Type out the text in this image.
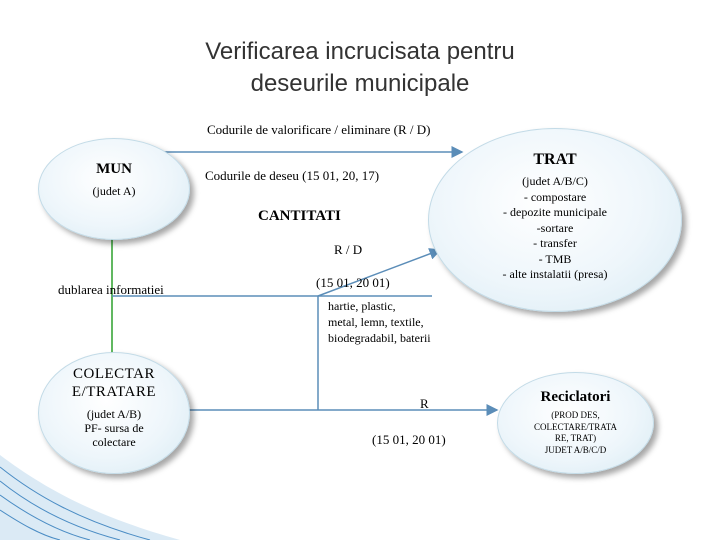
Verificarea incrucisata pentru
deseurile municipale
MUN
(judet A)
TRAT
(judet A/B/C)
- compostare
- depozite municipale
-sortare
- transfer
- TMB
- alte instalatii (presa)
COLECTAR
E/TRATARE
(judet A/B)
PF- sursa de
colectare
Reciclatori
(PROD DES,
COLECTARE/TRATA
RE, TRAT)
JUDET A/B/C/D
Codurile de valorificare / eliminare (R / D)
Codurile de deseu (15 01, 20, 17)
CANTITATI
R / D
(15 01, 20 01)
hartie, plastic,
metal, lemn, textile,
biodegradabil, baterii
dublarea informatiei
R
(15 01, 20 01)
